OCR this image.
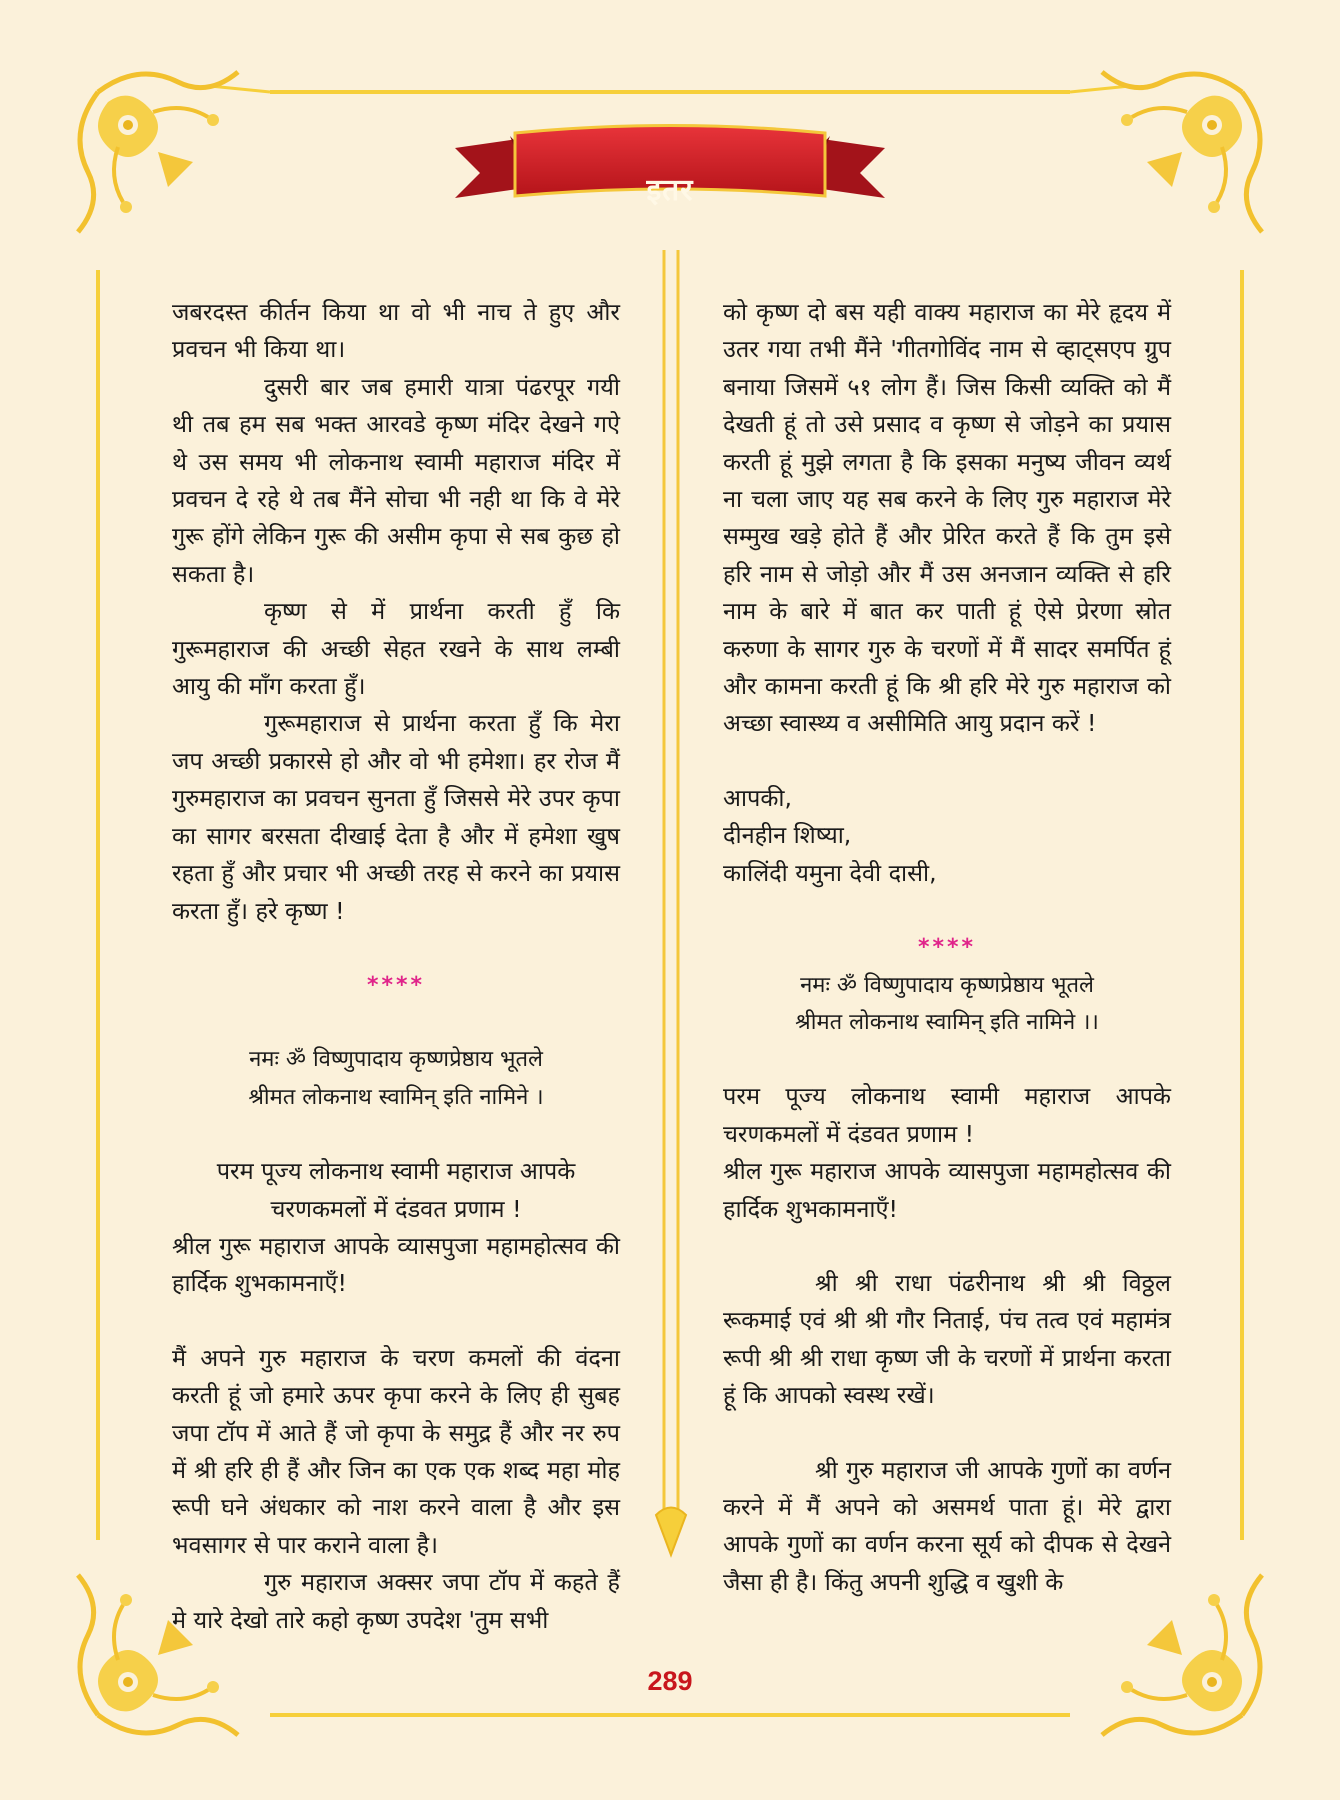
इतर

जबरदस्त कीर्तन किया था वो भी नाच ते हुए और प्रवचन भी किया था।

दुसरी बार जब हमारी यात्रा पंढरपूर गयी थी तब हम सब भक्त आरवडे कृष्ण मंदिर देखने गऐ थे उस समय भी लोकनाथ स्वामी महाराज मंदिर में प्रवचन दे रहे थे तब मैंने सोचा भी नही था कि वे मेरे गुरू होंगे लेकिन गुरू की असीम कृपा से सब कुछ हो सकता है।

कृष्ण से में प्रार्थना करती हुँ कि गुरूमहाराज की अच्छी सेहत रखने के साथ लम्बी आयु की माँग करता हुँ।

गुरूमहाराज से प्रार्थना करता हुँ कि मेरा जप अच्छी प्रकारसे हो और वो भी हमेशा। हर रोज मैं गुरुमहाराज का प्रवचन सुनता हुँ जिससे मेरे उपर कृपा का सागर बरसता दीखाई देता है और में हमेशा खुष रहता हुँ और प्रचार भी अच्छी तरह से करने का प्रयास करता हुँ। हरे कृष्ण !

****

नमः ॐ विष्णुपादाय कृष्णप्रेष्ठाय भूतले

श्रीमत लोकनाथ स्वामिन् इति नामिने ।

परम पूज्य लोकनाथ स्वामी महाराज आपके

चरणकमलों में दंडवत प्रणाम !

श्रील गुरू महाराज आपके व्यासपुजा महामहोत्सव की हार्दिक शुभकामनाएँ!

मैं अपने गुरु महाराज के चरण कमलों की वंदना करती हूं जो हमारे ऊपर कृपा करने के लिए ही सुबह जपा टॉप में आते हैं जो कृपा के समुद्र हैं और नर रुप में श्री हरि ही हैं और जिन का एक एक शब्द महा मोह रूपी घने अंधकार को नाश करने वाला है और इस भवसागर से पार कराने वाला है।

गुरु महाराज अक्सर जपा टॉप में कहते हैं मे यारे देखो तारे कहो कृष्ण उपदेश 'तुम सभी

को कृष्ण दो बस यही वाक्य महाराज का मेरे हृदय में उतर गया तभी मैंने 'गीतगोविंद नाम से व्हाट्सएप ग्रुप बनाया जिसमें ५१ लोग हैं। जिस किसी व्यक्ति को मैं देखती हूं तो उसे प्रसाद व कृष्ण से जोड़ने का प्रयास करती हूं मुझे लगता है कि इसका मनुष्य जीवन व्यर्थ ना चला जाए यह सब करने के लिए गुरु महाराज मेरे सम्मुख खड़े होते हैं और प्रेरित करते हैं कि तुम इसे हरि नाम से जोड़ो और मैं उस अनजान व्यक्ति से हरि नाम के बारे में बात कर पाती हूं ऐसे प्रेरणा स्रोत करुणा के सागर गुरु के चरणों में मैं सादर समर्पित हूं और कामना करती हूं कि श्री हरि मेरे गुरु महाराज को अच्छा स्वास्थ्य व असीमिति आयु प्रदान करें !

आपकी,

दीनहीन शिष्या,

कालिंदी यमुना देवी दासी,

****

नमः ॐ विष्णुपादाय कृष्णप्रेष्ठाय भूतले

श्रीमत लोकनाथ स्वामिन् इति नामिने ।।

परम पूज्य लोकनाथ स्वामी महाराज आपके चरणकमलों में दंडवत प्रणाम !

श्रील गुरू महाराज आपके व्यासपुजा महामहोत्सव की हार्दिक शुभकामनाएँ!

श्री श्री राधा पंढरीनाथ श्री श्री विठ्ठल रूकमाई एवं श्री श्री गौर निताई, पंच तत्व एवं महामंत्र रूपी श्री श्री राधा कृष्ण जी के चरणों में प्रार्थना करता हूं कि आपको स्वस्थ रखें।

श्री गुरु महाराज जी आपके गुणों का वर्णन करने में मैं अपने को असमर्थ पाता हूं। मेरे द्वारा आपके गुणों का वर्णन करना सूर्य को दीपक से देखने जैसा ही है। किंतु अपनी शुद्धि व खुशी के

289
